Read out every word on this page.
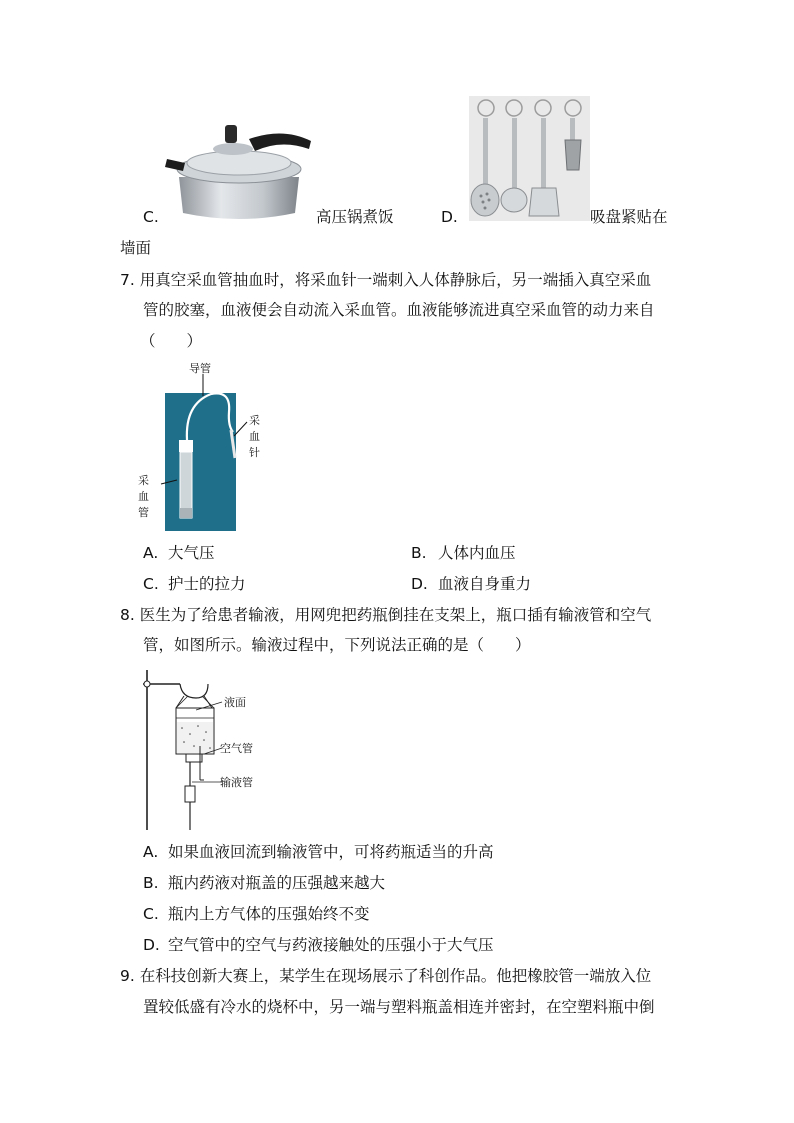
C.	高压锅煮饭	D.	吸盘紧贴在
墙面
7. 用真空采血管抽血时，将采血针一端刺入人体静脉后，另一端插入真空采血
管的胶塞，血液便会自动流入采血管。血液能够流进真空采血管的动力来自
（　　）
导管
采
血
针
采
血
管
A. 大气压	B. 人体内血压
C. 护士的拉力	D. 血液自身重力
8. 医生为了给患者输液，用网兜把药瓶倒挂在支架上，瓶口插有输液管和空气
管，如图所示。输液过程中，下列说法正确的是（　　）
液面
空气管
输液管
A. 如果血液回流到输液管中，可将药瓶适当的升高
B. 瓶内药液对瓶盖的压强越来越大
C. 瓶内上方气体的压强始终不变
D. 空气管中的空气与药液接触处的压强小于大气压
9. 在科技创新大赛上，某学生在现场展示了科创作品。他把橡胶管一端放入位
置较低盛有冷水的烧杯中，另一端与塑料瓶盖相连并密封，在空塑料瓶中倒
